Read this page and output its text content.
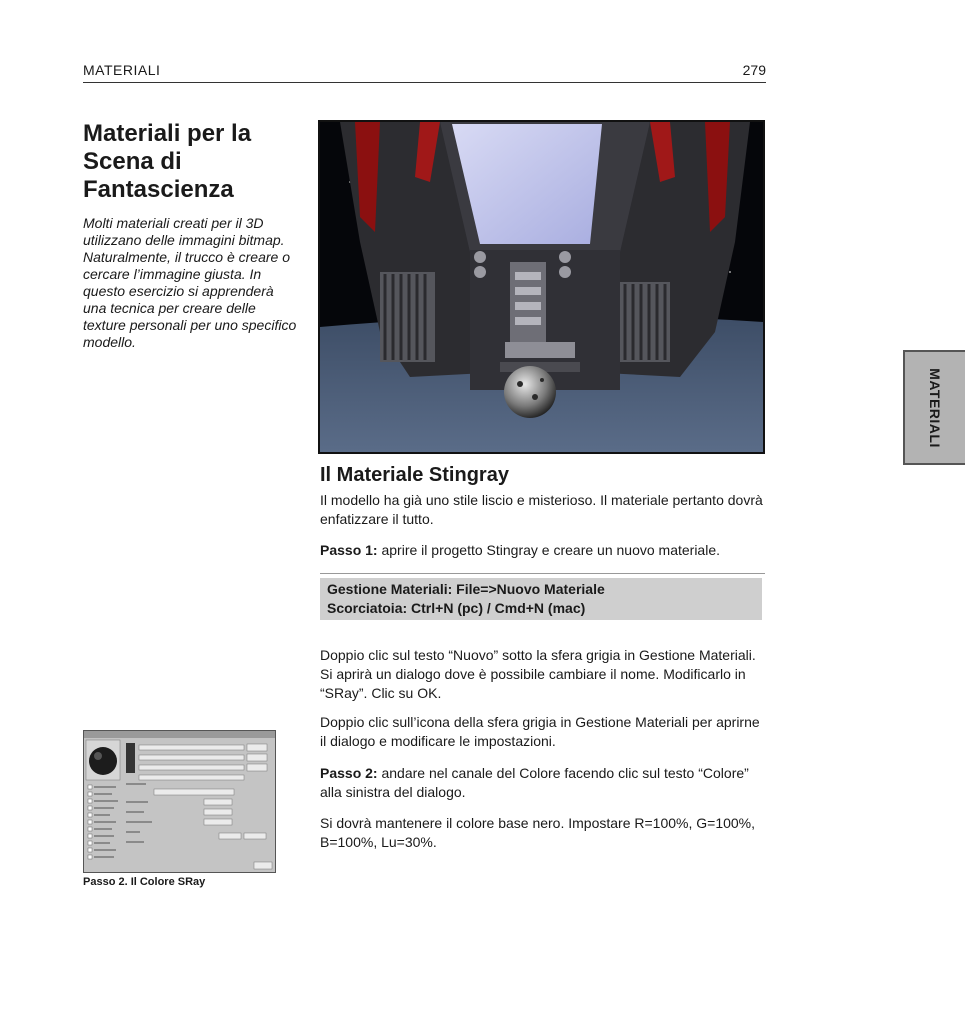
MATERIALI	279
Materiali per la Scena di Fantascienza

Molti materiali creati per il 3D utilizzano delle immagini bitmap. Naturalmente, il trucco è creare o cercare l’immagine giusta. In questo esercizio si apprenderà una tecnica per creare delle texture personali per uno specifico modello.

Il Materiale Stingray

Il modello ha già uno stile liscio e misterioso. Il materiale pertanto dovrà enfatizzare il tutto.

Passo 1: aprire il progetto Stingray e creare un nuovo materiale.

Gestione Materiali: File=>Nuovo Materiale
Scorciatoia: Ctrl+N (pc) / Cmd+N (mac)

Doppio clic sul testo “Nuovo” sotto la sfera grigia in Gestione Materiali. Si aprirà un dialogo dove è possibile cambiare il nome. Modificarlo in “SRay”. Clic su OK.

Doppio clic sull’icona della sfera grigia in Gestione Materiali per aprirne il dialogo e modificare le impostazioni.

Passo 2: andare nel canale del Colore facendo clic sul testo “Colore” alla sinistra del dialogo.

Si dovrà mantenere il colore base nero. Impostare R=100%, G=100%, B=100%, Lu=30%.

Passo 2. Il Colore SRay

MATERIALI
